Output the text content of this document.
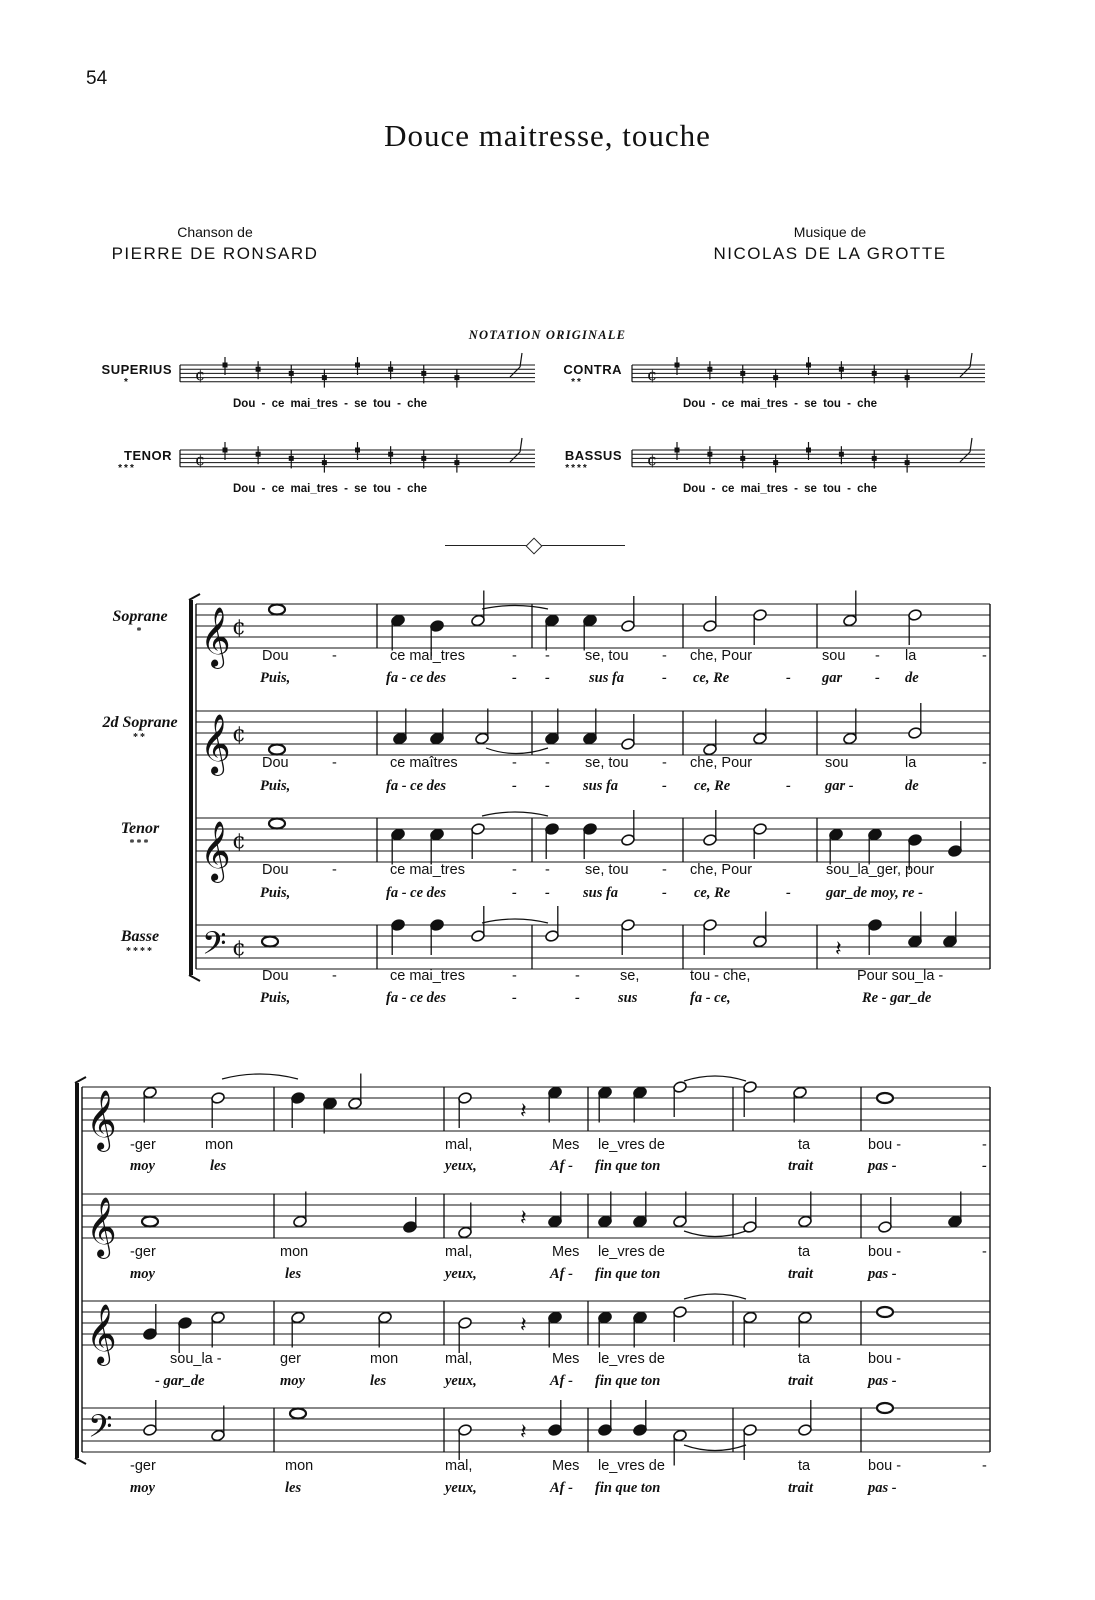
54
Douce maitresse, touche
Chanson de
PIERRE DE RONSARD
Musique de
NICOLAS DE LA GROTTE
NOTATION ORIGINALE
SUPERIUS
*
CONTRA
**
TENOR
***
BASSUS
****
Dou - ce mai_tres - se tou - che	Dou - ce mai_tres - se tou - che
Dou - ce mai_tres - se tou - che	Dou - ce mai_tres - se tou - che
Soprane
*
2d Soprane
**
Tenor
***
Basse
****
¢	¢
¢	¢
𝄞 ¢
𝄞 ¢
𝄞 ¢
𝄢 ¢
𝄞
𝄞
𝄞
𝄢
𝄽
𝄽
𝄽
𝄽
𝄽
Dou	-	ce mai_tres	- - se, tou - che, Pour	sou - la	-
Puis,	fa - ce des	- -	sus fa	- ce, Re	- gar - de
Dou	-	ce maîtres	- - se, tou - che, Pour	sou	la	-
Puis,	fa - ce des	- - sus fa	- ce, Re	- gar -	de
Dou	-	ce mai_tres	- - se, tou - che, Pour	sou_la_ger, pour
Puis,	fa - ce des	- - sus fa	- ce, Re	- gar_de moy, re -
Dou	-	ce mai_tres	-	-	se,	tou - che,	Pour sou_la -
Puis,	fa - ce des	-	-	sus	fa - ce,	Re - gar_de
-ger	mon	mal,	Mes le_vres de	ta	bou -	-
moy	les	yeux,	Af - fin que ton	trait	pas -	-
-ger	mon	mal,	Mes le_vres de	ta	bou -	-
moy	les	yeux,	Af - fin que ton	trait	pas -
sou_la -	ger	mon	mal,	Mes le_vres de	ta	bou -
- gar_de	moy	les	yeux,	Af - fin que ton	trait	pas -
-ger	mon	mal,	Mes le_vres de	ta	bou -	-
moy	les	yeux,	Af - fin que ton	trait	pas -
